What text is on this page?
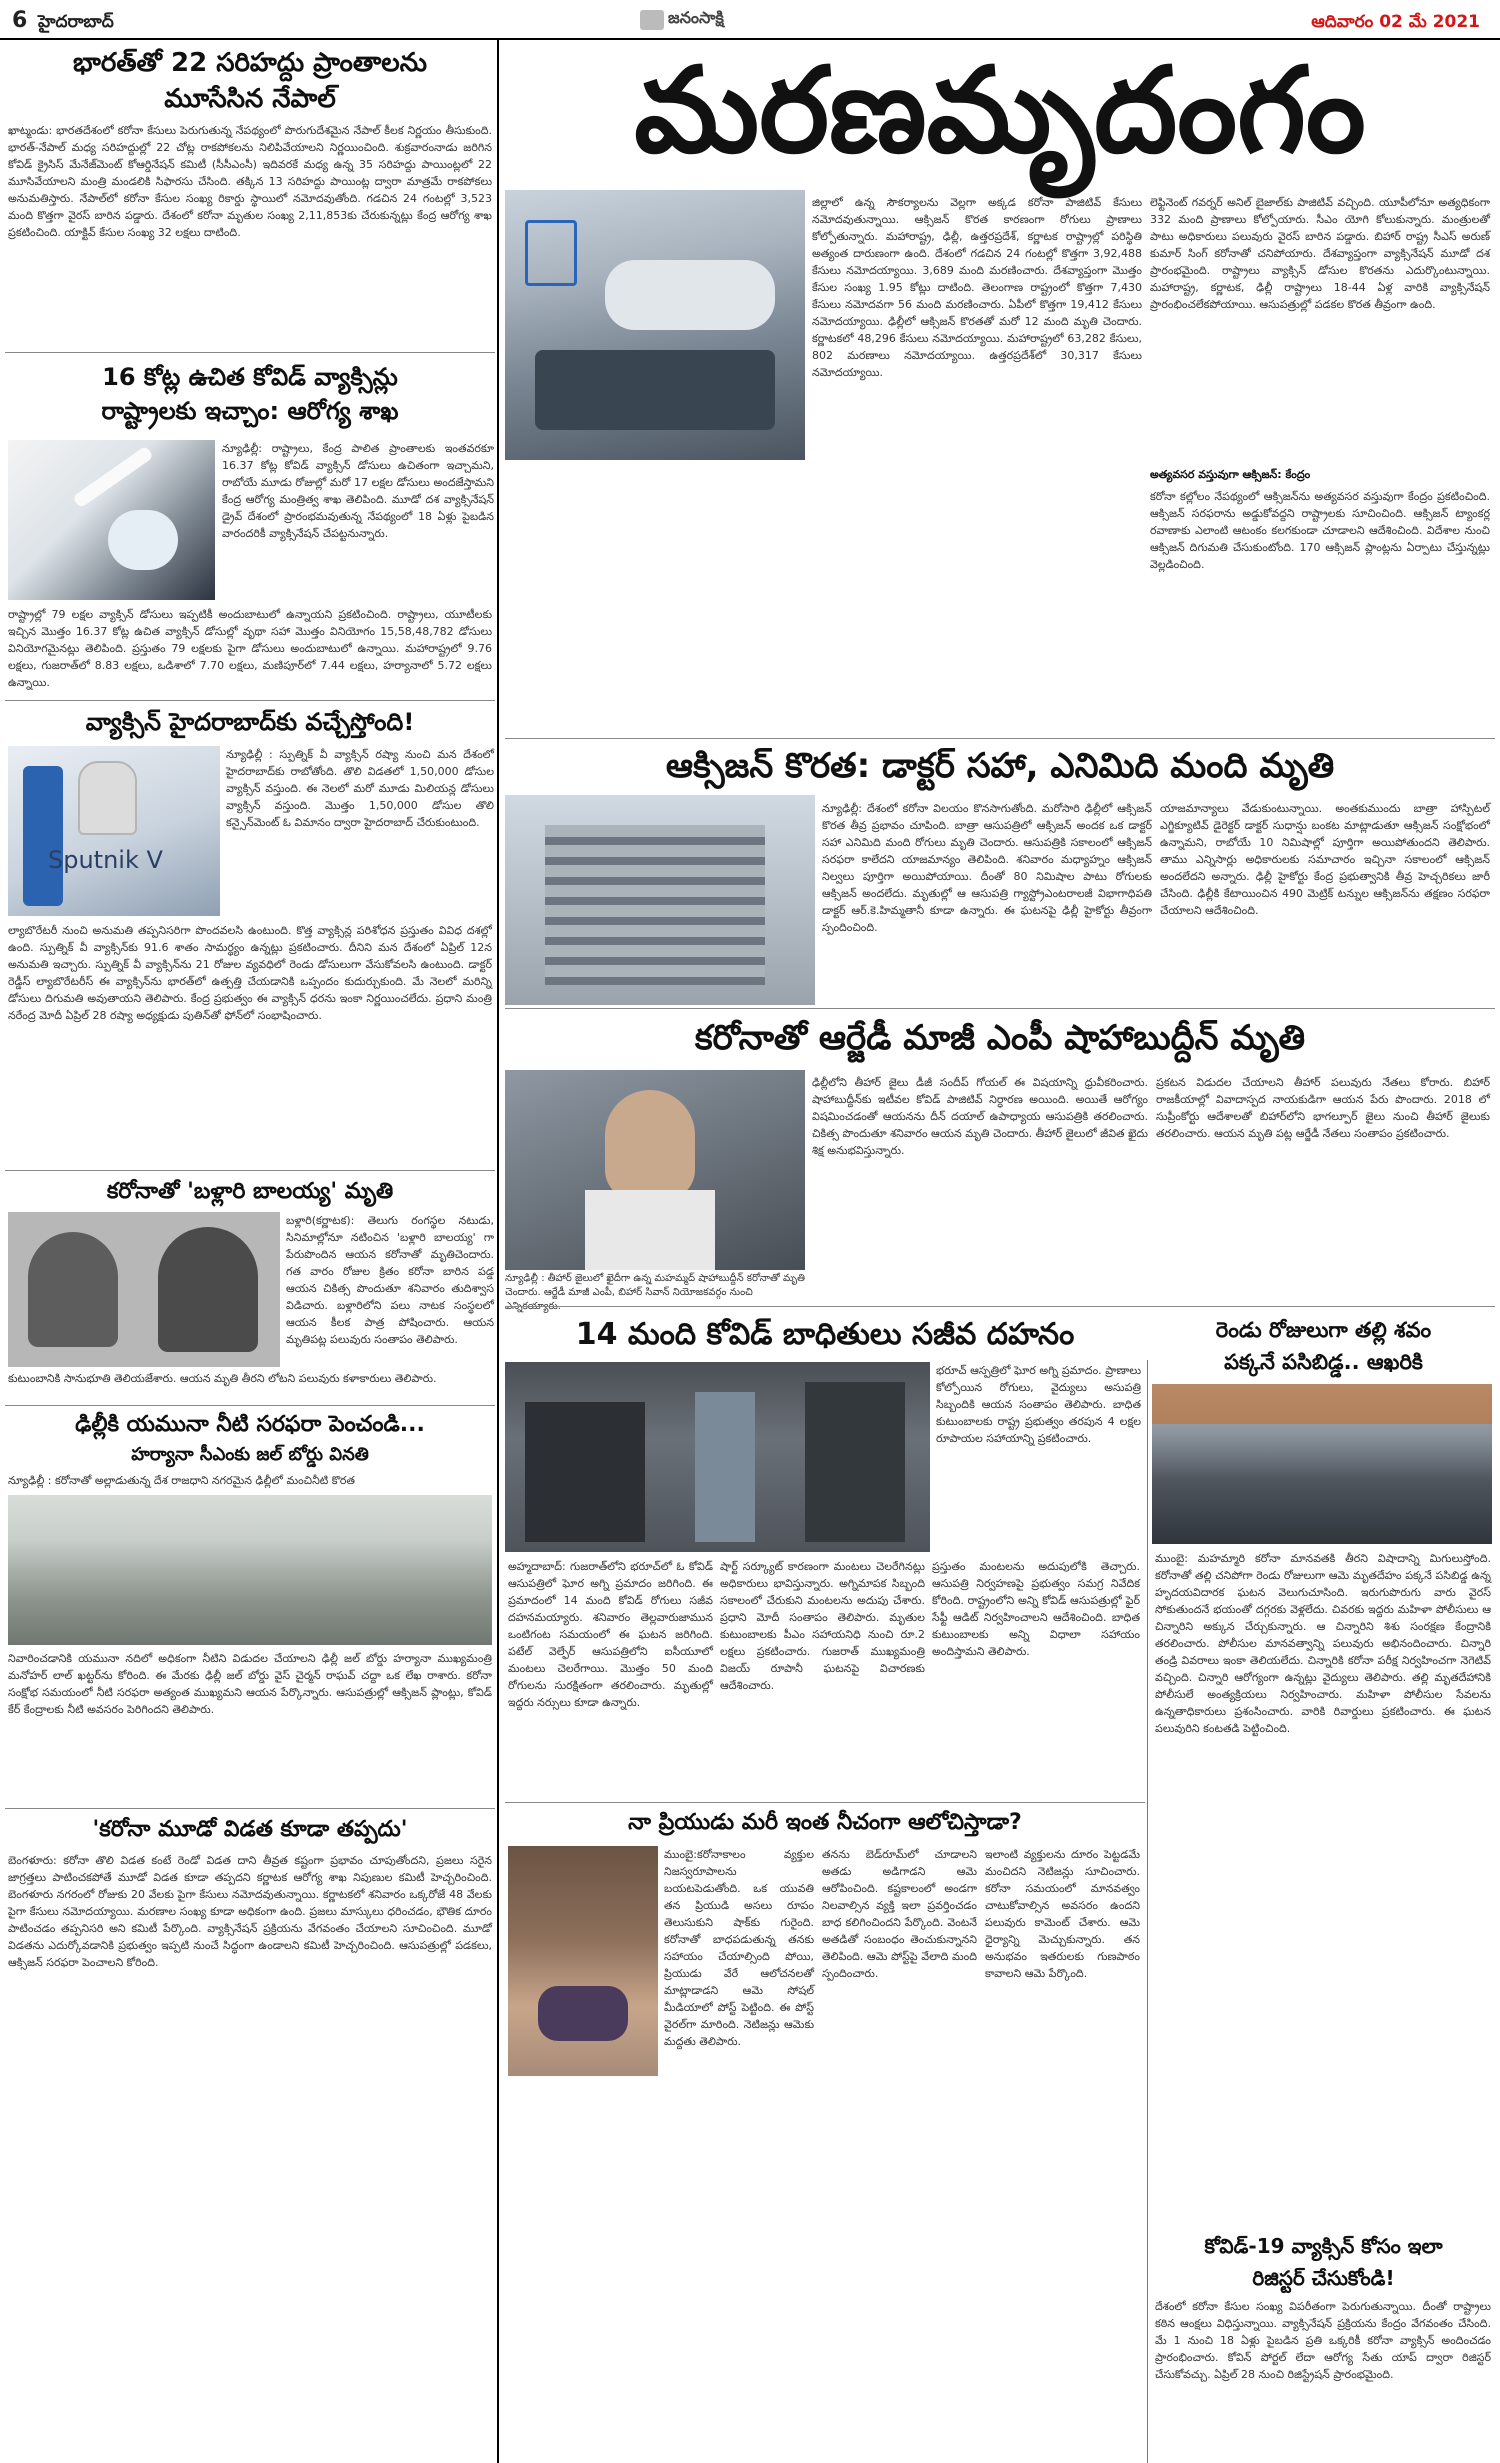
6 హైదరాబాద్	జనంసాక్షి	ఆదివారం 02 మే 2021
భారత్‌తో 22 సరిహద్దు ప్రాంతాలను
మూసేసిన నేపాల్
ఖాట్మండు: భారతదేశంలో కరోనా కేసులు పెరుగుతున్న నేపథ్యంలో పొరుగుదేశమైన నేపాల్ కీలక నిర్ణయం తీసుకుంది. భారత్‌-నేపాల్ మధ్య సరిహద్దుల్లో 22 చోట్ల రాకపోకలను నిలిపివేయాలని నిర్ణయించింది. శుక్రవారంనాడు జరిగిన కోవిడ్ క్రైసిస్ మేనేజ్‌మెంట్ కోఆర్డినేషన్ కమిటీ (సీసీఎంసీ) ఇదివరకే మధ్య ఉన్న 35 సరిహద్దు పాయింట్లలో 22 మూసివేయాలని మంత్రి మండలికి సిఫారసు చేసింది. తక్కిన 13 సరిహద్దు పాయింట్ల ద్వారా మాత్రమే రాకపోకలు అనుమతిస్తారు. నేపాల్‌లో కరోనా కేసుల సంఖ్య రికార్డు స్థాయిలో నమోదవుతోంది. గడచిన 24 గంటల్లో 3,523 మంది కొత్తగా వైరస్ బారిన పడ్డారు. దేశంలో కరోనా మృతుల సంఖ్య 2,11,853కు చేరుకున్నట్లు కేంద్ర ఆరోగ్య శాఖ ప్రకటించింది. యాక్టివ్ కేసుల సంఖ్య 32 లక్షలు దాటింది.
16 కోట్ల ఉచిత కోవిడ్ వ్యాక్సిన్లు
రాష్ట్రాలకు ఇచ్చాం: ఆరోగ్య శాఖ
న్యూఢిల్లీ: రాష్ట్రాలు, కేంద్ర పాలిత ప్రాంతాలకు ఇంతవరకూ 16.37 కోట్ల కోవిడ్ వ్యాక్సిన్ డోసులు ఉచితంగా ఇచ్చామని, రాబోయే మూడు రోజుల్లో మరో 17 లక్షల డోసులు అందజేస్తామని కేంద్ర ఆరోగ్య మంత్రిత్వ శాఖ తెలిపింది. మూడో దశ వ్యాక్సినేషన్ డ్రైవ్ దేశంలో ప్రారంభమవుతున్న నేపథ్యంలో 18 ఏళ్లు పైబడిన వారందరికీ వ్యాక్సినేషన్ చేపట్టనున్నారు.
రాష్ట్రాల్లో 79 లక్షల వ్యాక్సిన్ డోసులు ఇప్పటికీ అందుబాటులో ఉన్నాయని ప్రకటించింది. రాష్ట్రాలు, యూటీలకు ఇచ్చిన మొత్తం 16.37 కోట్ల ఉచిత వ్యాక్సిన్ డోసుల్లో వృథా సహా మొత్తం వినియోగం 15,58,48,782 డోసులు వినియోగమైనట్లు తెలిపింది. ప్రస్తుతం 79 లక్షలకు పైగా డోసులు అందుబాటులో ఉన్నాయి. మహారాష్ట్రలో 9.76 లక్షలు, గుజరాత్‌లో 8.83 లక్షలు, ఒడిశాలో 7.70 లక్షలు, మణిపూర్‌లో 7.44 లక్షలు, హర్యానాలో 5.72 లక్షలు ఉన్నాయి.
వ్యాక్సిన్ హైదరాబాద్‌కు వచ్చేస్తోంది!
Sputnik V
న్యూఢిల్లీ : స్పుత్నిక్ వీ వ్యాక్సిన్ రష్యా నుంచి మన దేశంలో హైదరాబాద్‌కు రాబోతోంది. తొలి విడతలో 1,50,000 డోసుల వ్యాక్సిన్ వస్తుంది. ఈ నెలలో మరో మూడు మిలియన్ల డోసులు వ్యాక్సిన్ వస్తుంది. మొత్తం 1,50,000 డోసుల తొలి కన్సైన్‌మెంట్ ఓ విమానం ద్వారా హైదరాబాద్ చేరుకుంటుంది.
ల్యాబొరేటరీ నుంచి అనుమతి తప్పనిసరిగా పొందవలసి ఉంటుంది. కొత్త వ్యాక్సిన్ల పరిశోధన ప్రస్తుతం వివిధ దశల్లో ఉంది. స్పుత్నిక్ వీ వ్యాక్సిన్‌కు 91.6 శాతం సామర్థ్యం ఉన్నట్లు ప్రకటించారు. దీనిని మన దేశంలో ఏప్రిల్ 12న అనుమతి ఇచ్చారు. స్పుత్నిక్ వీ వ్యాక్సిన్‌ను 21 రోజుల వ్యవధిలో రెండు డోసులుగా వేసుకోవలసి ఉంటుంది. డాక్టర్ రెడ్డీస్ ల్యాబొరేటరీస్ ఈ వ్యాక్సిన్‌ను భారత్‌లో ఉత్పత్తి చేయడానికి ఒప్పందం కుదుర్చుకుంది. మే నెలలో మరిన్ని డోసులు దిగుమతి అవుతాయని తెలిపారు. కేంద్ర ప్రభుత్వం ఈ వ్యాక్సిన్ ధరను ఇంకా నిర్ణయించలేదు. ప్రధాని మంత్రి నరేంద్ర మోదీ ఏప్రిల్ 28 రష్యా అధ్యక్షుడు పుతిన్‌తో ఫోన్‌లో సంభాషించారు.
కరోనాతో 'బళ్లారి బాలయ్య' మృతి
బళ్లారి(కర్ణాటక): తెలుగు రంగస్థల నటుడు, సినిమాల్లోనూ నటించిన 'బళ్లారి బాలయ్య' గా పేరుపొందిన ఆయన కరోనాతో మృతిచెందారు. గత వారం రోజుల క్రితం కరోనా బారిన పడ్డ ఆయన చికిత్స పొందుతూ శనివారం తుదిశ్వాస విడిచారు. బళ్లారిలోని పలు నాటక సంస్థలలో ఆయన కీలక పాత్ర పోషించారు. ఆయన మృతిపట్ల పలువురు సంతాపం తెలిపారు.
కుటుంబానికి సానుభూతి తెలియజేశారు. ఆయన మృతి తీరని లోటని పలువురు కళాకారులు తెలిపారు.
ఢిల్లీకి యమునా నీటి సరఫరా పెంచండి...
హర్యానా సీఎంకు జల్ బోర్డు వినతి
న్యూఢిల్లీ : కరోనాతో అల్లాడుతున్న దేశ రాజధాని నగరమైన ఢిల్లీలో మంచినీటి కొరత
నివారించడానికి యమునా నదిలో అధికంగా నీటిని విడుదల చేయాలని ఢిల్లీ జల్ బోర్డు హర్యానా ముఖ్యమంత్రి మనోహర్ లాల్ ఖట్టర్‌ను కోరింది. ఈ మేరకు ఢిల్లీ జల్ బోర్డు వైస్ చైర్మన్ రాఘవ్ చద్దా ఒక లేఖ రాశారు. కరోనా సంక్షోభ సమయంలో నీటి సరఫరా అత్యంత ముఖ్యమని ఆయన పేర్కొన్నారు. ఆసుపత్రుల్లో ఆక్సిజన్ ప్లాంట్లు, కోవిడ్ కేర్ కేంద్రాలకు నీటి అవసరం పెరిగిందని తెలిపారు.
'కరోనా మూడో విడత కూడా తప్పదు'
బెంగళూరు: కరోనా తొలి విడత కంటే రెండో విడత దాని తీవ్రత కష్టంగా ప్రభావం చూపుతోందని, ప్రజలు సరైన జాగ్రత్తలు పాటించకపోతే మూడో విడత కూడా తప్పదని కర్ణాటక ఆరోగ్య శాఖ నిపుణుల కమిటీ హెచ్చరించింది. బెంగళూరు నగరంలో రోజుకు 20 వేలకు పైగా కేసులు నమోదవుతున్నాయి. కర్ణాటకలో శనివారం ఒక్కరోజే 48 వేలకు పైగా కేసులు నమోదయ్యాయి. మరణాల సంఖ్య కూడా అధికంగా ఉంది. ప్రజలు మాస్కులు ధరించడం, భౌతిక దూరం పాటించడం తప్పనిసరి అని కమిటీ పేర్కొంది. వ్యాక్సినేషన్ ప్రక్రియను వేగవంతం చేయాలని సూచించింది. మూడో విడతను ఎదుర్కోవడానికి ప్రభుత్వం ఇప్పటి నుంచే సిద్ధంగా ఉండాలని కమిటీ హెచ్చరించింది. ఆసుపత్రుల్లో పడకలు, ఆక్సిజన్ సరఫరా పెంచాలని కోరింది.
మరణమృదంగం
జిల్లాలో ఉన్న సౌకర్యాలను వెల్లగా అక్కడ కరోనా పాజిటివ్ కేసులు నమోదవుతున్నాయి. ఆక్సిజన్ కొరత కారణంగా రోగులు ప్రాణాలు కోల్పోతున్నారు. మహారాష్ట్ర, ఢిల్లీ, ఉత్తరప్రదేశ్, కర్ణాటక రాష్ట్రాల్లో పరిస్థితి అత్యంత దారుణంగా ఉంది. దేశంలో గడచిన 24 గంటల్లో కొత్తగా 3,92,488 కేసులు నమోదయ్యాయి. 3,689 మంది మరణించారు. దేశవ్యాప్తంగా మొత్తం కేసుల సంఖ్య 1.95 కోట్లు దాటింది. తెలంగాణ రాష్ట్రంలో కొత్తగా 7,430 కేసులు నమోదవగా 56 మంది మరణించారు. ఏపీలో కొత్తగా 19,412 కేసులు నమోదయ్యాయి. ఢిల్లీలో ఆక్సిజన్ కొరతతో మరో 12 మంది మృతి చెందారు. కర్ణాటకలో 48,296 కేసులు నమోదయ్యాయి. మహారాష్ట్రలో 63,282 కేసులు, 802 మరణాలు నమోదయ్యాయి. ఉత్తరప్రదేశ్‌లో 30,317 కేసులు నమోదయ్యాయి.
లెఫ్టినెంట్ గవర్నర్ అనిల్ బైజాల్‌కు పాజిటివ్ వచ్చింది. యూపీలోనూ అత్యధికంగా 332 మంది ప్రాణాలు కోల్పోయారు. సీఎం యోగి కోలుకున్నారు. మంత్రులతో పాటు అధికారులు పలువురు వైరస్ బారిన పడ్డారు. బిహార్ రాష్ట్ర సీఎస్ అరుణ్ కుమార్ సింగ్ కరోనాతో చనిపోయారు. దేశవ్యాప్తంగా వ్యాక్సినేషన్ మూడో దశ ప్రారంభమైంది. రాష్ట్రాలు వ్యాక్సిన్ డోసుల కొరతను ఎదుర్కొంటున్నాయి. మహారాష్ట్ర, కర్ణాటక, ఢిల్లీ రాష్ట్రాలు 18-44 ఏళ్ల వారికి వ్యాక్సినేషన్ ప్రారంభించలేకపోయాయి. ఆసుపత్రుల్లో పడకల కొరత తీవ్రంగా ఉంది.
అత్యవసర వస్తువుగా ఆక్సిజన్: కేంద్రం
కరోనా కల్లోలం నేపథ్యంలో ఆక్సిజన్‌ను అత్యవసర వస్తువుగా కేంద్రం ప్రకటించింది. ఆక్సిజన్ సరఫరాను అడ్డుకోవద్దని రాష్ట్రాలకు సూచించింది. ఆక్సిజన్ ట్యాంకర్ల రవాణాకు ఎలాంటి ఆటంకం కలగకుండా చూడాలని ఆదేశించింది. విదేశాల నుంచి ఆక్సిజన్ దిగుమతి చేసుకుంటోంది. 170 ఆక్సిజన్ ప్లాంట్లను ఏర్పాటు చేస్తున్నట్లు వెల్లడించింది.
ఆక్సిజన్ కొరత: డాక్టర్ సహా, ఎనిమిది మంది మృతి
న్యూఢిల్లీ: దేశంలో కరోనా విలయం కొనసాగుతోంది. మరోసారి ఢిల్లీలో ఆక్సిజన్ కొరత తీవ్ర ప్రభావం చూపింది. బాత్రా ఆసుపత్రిలో ఆక్సిజన్ అందక ఒక డాక్టర్ సహా ఎనిమిది మంది రోగులు మృతి చెందారు. ఆసుపత్రికి సకాలంలో ఆక్సిజన్ సరఫరా కాలేదని యాజమాన్యం తెలిపింది. శనివారం మధ్యాహ్నం ఆక్సిజన్ నిల్వలు పూర్తిగా అయిపోయాయి. దీంతో 80 నిమిషాల పాటు రోగులకు ఆక్సిజన్ అందలేదు. మృతుల్లో ఆ ఆసుపత్రి గ్యాస్ట్రోఎంటరాలజీ విభాగాధిపతి డాక్టర్ ఆర్.కె.హిమ్మతానీ కూడా ఉన్నారు. ఈ ఘటనపై ఢిల్లీ హైకోర్టు తీవ్రంగా స్పందించింది.
యాజమాన్యాలు వేడుకుంటున్నాయి. అంతకుముందు బాత్రా హాస్పిటల్ ఎగ్జిక్యూటివ్ డైరెక్టర్ డాక్టర్ సుధాన్షు బంకట మాట్లాడుతూ ఆక్సిజన్ సంక్షోభంలో ఉన్నామని, రాబోయే 10 నిమిషాల్లో పూర్తిగా అయిపోతుందని తెలిపారు. తాము ఎన్నిసార్లు అధికారులకు సమాచారం ఇచ్చినా సకాలంలో ఆక్సిజన్ అందలేదని అన్నారు. ఢిల్లీ హైకోర్టు కేంద్ర ప్రభుత్వానికి తీవ్ర హెచ్చరికలు జారీ చేసింది. ఢిల్లీకి కేటాయించిన 490 మెట్రిక్ టన్నుల ఆక్సిజన్‌ను తక్షణం సరఫరా చేయాలని ఆదేశించింది.
కరోనాతో ఆర్జేడీ మాజీ ఎంపీ షాహాబుద్దీన్ మృతి
న్యూఢిల్లీ : తీహార్ జైలులో ఖైదీగా ఉన్న మహమ్మద్ షాహాబుద్దీన్ కరోనాతో మృతి చెందారు. ఆర్జేడీ మాజీ ఎంపీ, బిహార్ సివాన్ నియోజకవర్గం నుంచి
ఢిల్లీలోని తీహార్ జైలు డీజీ సందీప్ గోయల్ ఈ విషయాన్ని ధ్రువీకరించారు. షాహాబుద్దీన్‌కు ఇటీవల కోవిడ్ పాజిటివ్ నిర్ధారణ అయింది. అయితే ఆరోగ్యం విషమించడంతో ఆయనను దీన్ దయాల్ ఉపాధ్యాయ ఆసుపత్రికి తరలించారు. చికిత్స పొందుతూ శనివారం ఆయన మృతి చెందారు. తీహార్ జైలులో జీవిత ఖైదు శిక్ష అనుభవిస్తున్నారు.
ప్రకటన విడుదల చేయాలని తీహార్ పలువురు నేతలు కోరారు. బిహార్ రాజకీయాల్లో వివాదాస్పద నాయకుడిగా ఆయన పేరు పొందారు. 2018 లో సుప్రీంకోర్టు ఆదేశాలతో బిహార్‌లోని భాగల్పూర్ జైలు నుంచి తీహార్ జైలుకు తరలించారు. ఆయన మృతి పట్ల ఆర్జేడీ నేతలు సంతాపం ప్రకటించారు.
14 మంది కోవిడ్ బాధితులు సజీవ దహనం
భరూచ్‌ ఆస్పత్రిలో ఘోర అగ్ని ప్రమాదం. ప్రాణాలు కోల్పోయిన రోగులు, వైద్యులు అసుపత్రి సిబ్బందికి ఆయన సంతాపం తెలిపారు. బాధిత కుటుంబాలకు రాష్ట్ర ప్రభుత్వం తరపున 4 లక్షల రూపాయల సహాయాన్ని ప్రకటించారు.
అహ్మదాబాద్: గుజరాత్‌లోని భరూచ్‌లో ఓ కోవిడ్ ఆసుపత్రిలో ఘోర అగ్ని ప్రమాదం జరిగింది. ఈ ప్రమాదంలో 14 మంది కోవిడ్ రోగులు సజీవ దహనమయ్యారు. శనివారం తెల్లవారుజామున ఒంటిగంట సమయంలో ఈ ఘటన జరిగింది. పటేల్ వెల్ఫేర్ ఆసుపత్రిలోని ఐసీయూలో మంటలు చెలరేగాయి. మొత్తం 50 మంది రోగులను సురక్షితంగా తరలించారు. మృతుల్లో ఇద్దరు నర్సులు కూడా ఉన్నారు.
షార్ట్ సర్క్యూట్ కారణంగా మంటలు చెలరేగినట్లు అధికారులు భావిస్తున్నారు. అగ్నిమాపక సిబ్బంది సకాలంలో చేరుకుని మంటలను అదుపు చేశారు. ప్రధాని మోదీ సంతాపం తెలిపారు. మృతుల కుటుంబాలకు పీఎం సహాయనిధి నుంచి రూ.2 లక్షలు ప్రకటించారు. గుజరాత్ ముఖ్యమంత్రి విజయ్ రూపానీ ఘటనపై విచారణకు ఆదేశించారు.
ప్రస్తుతం మంటలను అదుపులోకి తెచ్చారు. ఆసుపత్రి నిర్వహణపై ప్రభుత్వం సమగ్ర నివేదిక కోరింది. రాష్ట్రంలోని అన్ని కోవిడ్ ఆసుపత్రుల్లో ఫైర్ సేఫ్టీ ఆడిట్ నిర్వహించాలని ఆదేశించింది. బాధిత కుటుంబాలకు అన్ని విధాలా సహాయం అందిస్తామని తెలిపారు.
రెండు రోజులుగా తల్లి శవం
పక్కనే పసిబిడ్డ.. ఆఖరికి
ముంబై: మహమ్మారి కరోనా మానవతకి తీరని విషాదాన్ని మిగులుస్తోంది. కరోనాతో తల్లి చనిపోగా రెండు రోజులుగా ఆమె మృతదేహం పక్కనే పసిబిడ్డ ఉన్న హృదయవిదారక ఘటన వెలుగుచూసింది. ఇరుగుపొరుగు వారు వైరస్ సోకుతుందనే భయంతో దగ్గరకు వెళ్లలేదు. చివరకు ఇద్దరు మహిళా పోలీసులు ఆ చిన్నారిని అక్కున చేర్చుకున్నారు. ఆ చిన్నారిని శిశు సంరక్షణ కేంద్రానికి తరలించారు. పోలీసుల మానవత్వాన్ని పలువురు అభినందించారు. చిన్నారి తండ్రి వివరాలు ఇంకా తెలియలేదు. చిన్నారికి కరోనా పరీక్ష నిర్వహించగా నెగెటివ్ వచ్చింది. చిన్నారి ఆరోగ్యంగా ఉన్నట్లు వైద్యులు తెలిపారు. తల్లి మృతదేహానికి పోలీసులే అంత్యక్రియలు నిర్వహించారు. మహిళా పోలీసుల సేవలను ఉన్నతాధికారులు ప్రశంసించారు. వారికి రివార్డులు ప్రకటించారు. ఈ ఘటన పలువురిని కంటతడి పెట్టించింది.
నా ప్రియుడు మరీ ఇంత నీచంగా ఆలోచిస్తాడా?
ముంబై:కరోనాకాలం వ్యక్తుల నిజస్వరూపాలను బయటపెడుతోంది. ఒక యువతి తన ప్రియుడి అసలు రూపం తెలుసుకుని షాక్‌కు గురైంది. కరోనాతో బాధపడుతున్న తనకు సహాయం చేయాల్సింది పోయి, ప్రియుడు వేరే ఆలోచనలతో మాట్లాడాడని ఆమె సోషల్ మీడియాలో పోస్ట్ పెట్టింది. ఈ పోస్ట్ వైరల్‌గా మారింది. నెటిజన్లు ఆమెకు మద్దతు తెలిపారు.
తనను బెడ్‌రూమ్‌లో చూడాలని అతడు అడిగాడని ఆమె ఆరోపించింది. కష్టకాలంలో అండగా నిలవాల్సిన వ్యక్తి ఇలా ప్రవర్తించడం బాధ కలిగించిందని పేర్కొంది. వెంటనే అతడితో సంబంధం తెంచుకున్నానని తెలిపింది. ఆమె పోస్ట్‌పై వేలాది మంది స్పందించారు.
ఇలాంటి వ్యక్తులను దూరం పెట్టడమే మంచిదని నెటిజన్లు సూచించారు. కరోనా సమయంలో మానవత్వం చాటుకోవాల్సిన అవసరం ఉందని పలువురు కామెంట్ చేశారు. ఆమె ధైర్యాన్ని మెచ్చుకున్నారు. తన అనుభవం ఇతరులకు గుణపాఠం కావాలని ఆమె పేర్కొంది.
కోవిడ్-19 వ్యాక్సిన్ కోసం ఇలా
రిజిస్టర్ చేసుకోండి!
దేశంలో కరోనా కేసుల సంఖ్య విపరీతంగా పెరుగుతున్నాయి. దీంతో రాష్ట్రాలు కఠిన ఆంక్షలు విధిస్తున్నాయి. వ్యాక్సినేషన్ ప్రక్రియను కేంద్రం వేగవంతం చేసింది. మే 1 నుంచి 18 ఏళ్లు పైబడిన ప్రతి ఒక్కరికీ కరోనా వ్యాక్సిన్ అందించడం ప్రారంభించారు. కోవిన్ పోర్టల్ లేదా ఆరోగ్య సేతు యాప్ ద్వారా రిజిస్టర్ చేసుకోవచ్చు. ఏప్రిల్ 28 నుంచి రిజిస్ట్రేషన్ ప్రారంభమైంది.
